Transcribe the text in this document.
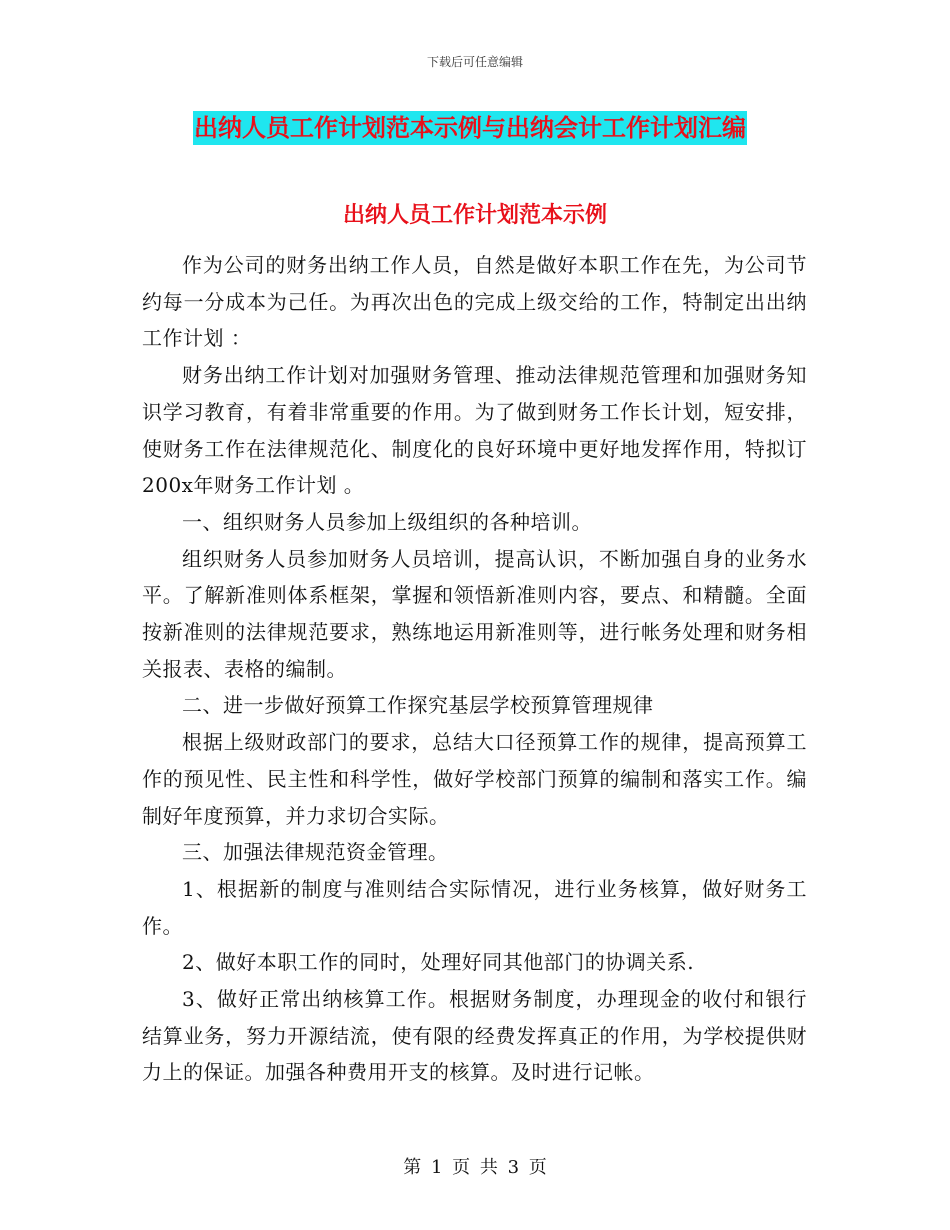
下载后可任意编辑
出纳人员工作计划范本示例与出纳会计工作计划汇编
出纳人员工作计划范本示例

作为公司的财务出纳工作人员，自然是做好本职工作在先，为公司节约每一分成本为己任。为再次出色的完成上级交给的工作，特制定出出纳工作计划 ：

财务出纳工作计划对加强财务管理、推动法律规范管理和加强财务知识学习教育，有着非常重要的作用。为了做到财务工作长计划，短安排，使财务工作在法律规范化、制度化的良好环境中更好地发挥作用，特拟订200x年财务工作计划 。

一、组织财务人员参加上级组织的各种培训。

组织财务人员参加财务人员培训，提高认识，不断加强自身的业务水平。了解新准则体系框架，掌握和领悟新准则内容，要点、和精髓。全面按新准则的法律规范要求，熟练地运用新准则等，进行帐务处理和财务相关报表、表格的编制。

二、进一步做好预算工作探究基层学校预算管理规律

根据上级财政部门的要求，总结大口径预算工作的规律，提高预算工作的预见性、民主性和科学性，做好学校部门预算的编制和落实工作。编制好年度预算，并力求切合实际。

三、加强法律规范资金管理。

1、根据新的制度与准则结合实际情况，进行业务核算，做好财务工作。

2、做好本职工作的同时，处理好同其他部门的协调关系.

3、做好正常出纳核算工作。根据财务制度，办理现金的收付和银行结算业务，努力开源结流，使有限的经费发挥真正的作用，为学校提供财力上的保证。加强各种费用开支的核算。及时进行记帐。

第 1 页 共 3 页
